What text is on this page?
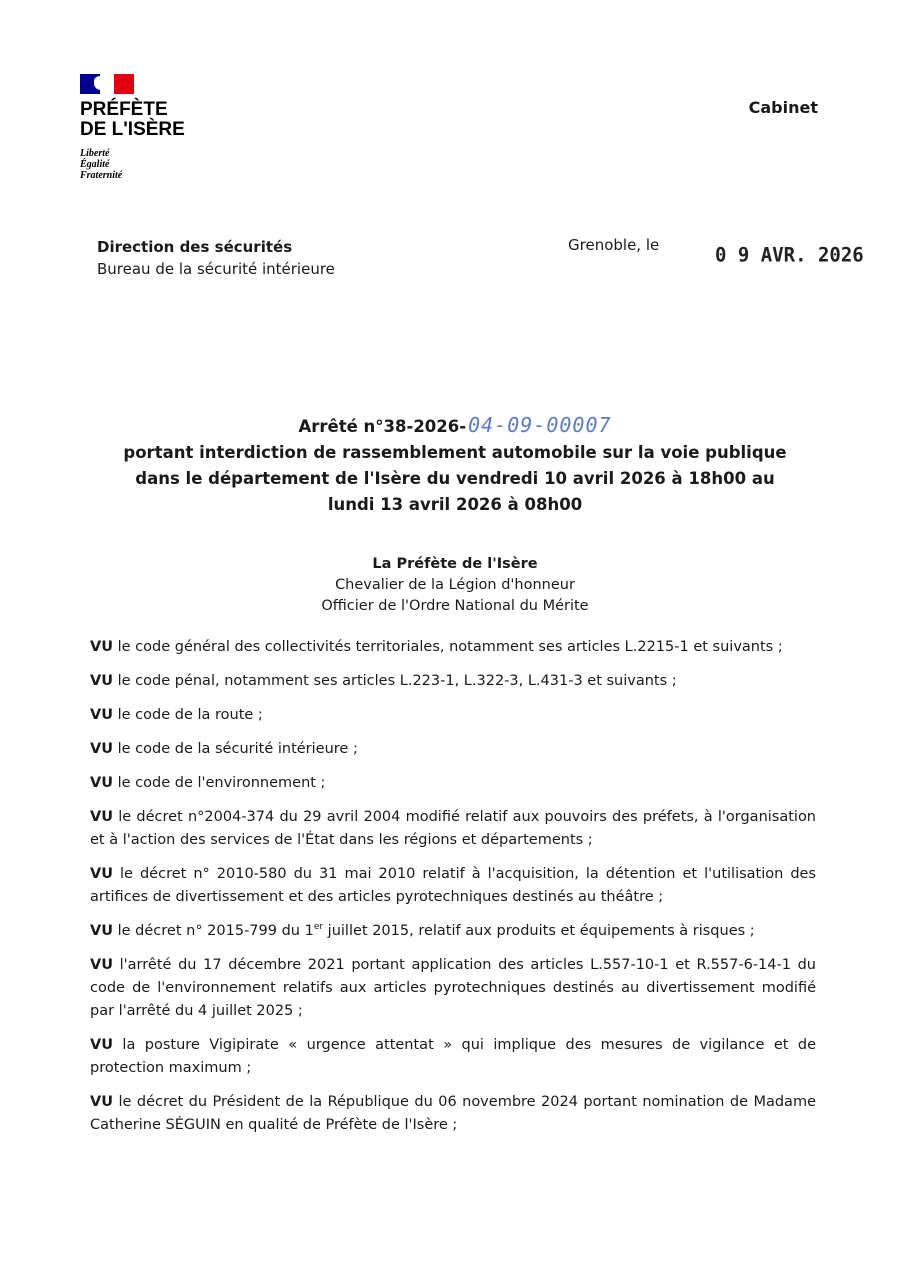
PRÉFÈTE
DE L'ISÈRE
Liberté
Égalité
Fraternité
Cabinet
Direction des sécurités
Bureau de la sécurité intérieure
Grenoble, le	0 9 AVR. 2026
Arrêté n°38-2026- 04-09-00007
portant interdiction de rassemblement automobile sur la voie publique
dans le département de l'Isère du vendredi 10 avril 2026 à 18h00 au
lundi 13 avril 2026 à 08h00
La Préfète de l'Isère
Chevalier de la Légion d'honneur
Officier de l'Ordre National du Mérite

VU le code général des collectivités territoriales, notamment ses articles L.2215-1 et suivants ;

VU le code pénal, notamment ses articles L.223-1, L.322-3, L.431-3 et suivants ;

VU le code de la route ;

VU le code de la sécurité intérieure ;

VU le code de l'environnement ;

VU le décret n°2004-374 du 29 avril 2004 modifié relatif aux pouvoirs des préfets, à l'organisation et à l'action des services de l'État dans les régions et départements ;

VU le décret n° 2010-580 du 31 mai 2010 relatif à l'acquisition, la détention et l'utilisation des artifices de divertissement et des articles pyrotechniques destinés au théâtre ;

VU le décret n° 2015-799 du 1er juillet 2015, relatif aux produits et équipements à risques ;

VU l'arrêté du 17 décembre 2021 portant application des articles L.557-10-1 et R.557-6-14-1 du code de l'environnement relatifs aux articles pyrotechniques destinés au divertissement modifié par l'arrêté du 4 juillet 2025 ;

VU la posture Vigipirate « urgence attentat » qui implique des mesures de vigilance et de protection maximum ;

VU le décret du Président de la République du 06 novembre 2024 portant nomination de Madame Catherine SÉGUIN en qualité de Préfète de l'Isère ;
